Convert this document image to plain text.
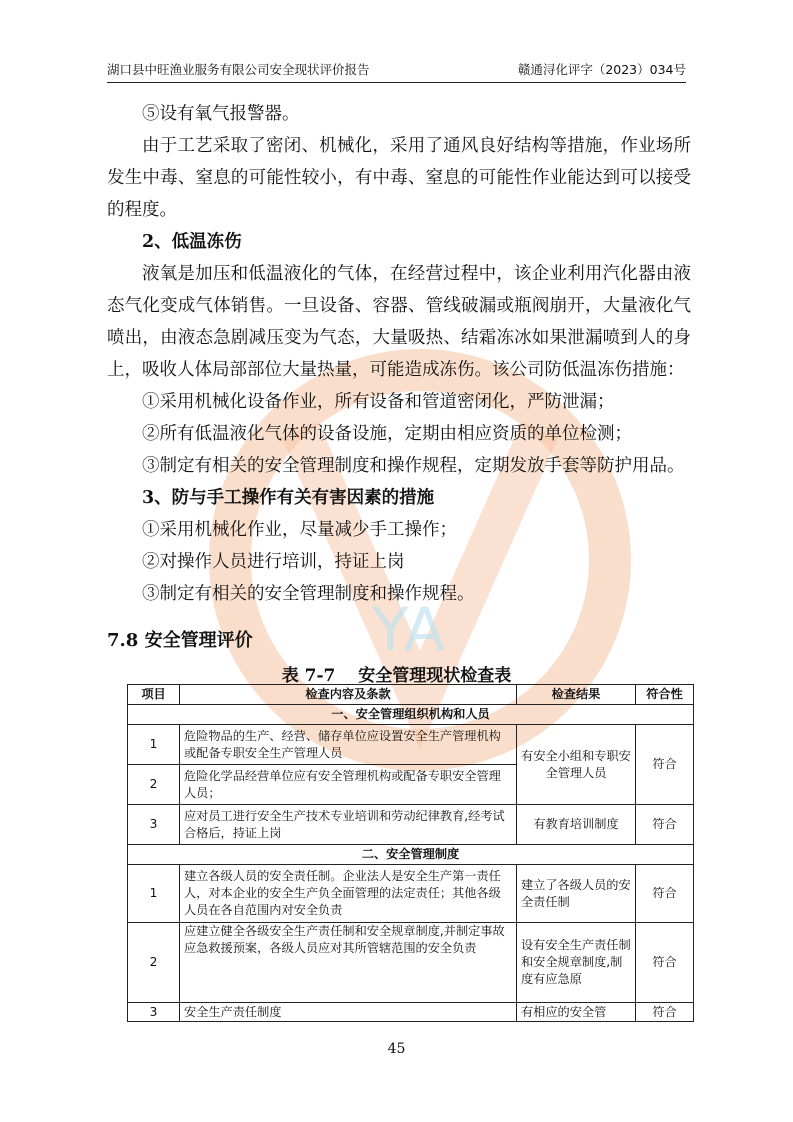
YA
湖口县中旺渔业服务有限公司安全现状评价报告	赣通浔化评字（2023）034号

⑤设有氧气报警器。

由于工艺采取了密闭、机械化，采用了通风良好结构等措施，作业场所发生中毒、窒息的可能性较小，有中毒、窒息的可能性作业能达到可以接受的程度。

2、低温冻伤

液氧是加压和低温液化的气体，在经营过程中，该企业利用汽化器由液态气化变成气体销售。一旦设备、容器、管线破漏或瓶阀崩开，大量液化气喷出，由液态急剧减压变为气态，大量吸热、结霜冻冰如果泄漏喷到人的身上，吸收人体局部部位大量热量，可能造成冻伤。该公司防低温冻伤措施：

①采用机械化设备作业，所有设备和管道密闭化，严防泄漏；

②所有低温液化气体的设备设施，定期由相应资质的单位检测；

③制定有相关的安全管理制度和操作规程，定期发放手套等防护用品。

3、防与手工操作有关有害因素的措施

①采用机械化作业，尽量减少手工操作；

②对操作人员进行培训，持证上岗

③制定有相关的安全管理制度和操作规程。

7.8 安全管理评价
表 7-7　 安全管理现状检查表
项目	检查内容及条款	检查结果	符合性
一、安全管理组织机构和人员			
1	危险物品的生产、经营、储存单位应设置安全生产管理机构或配备专职安全生产管理人员	有安全小组和专职安全管理人员	符合
2	危险化学品经营单位应有安全管理机构或配备专职安全管理人员；		
3	应对员工进行安全生产技术专业培训和劳动纪律教育,经考试合格后，持证上岗	有教育培训制度	符合
二、安全管理制度			
1	建立各级人员的安全责任制。企业法人是安全生产第一责任人，对本企业的安全生产负全面管理的法定责任；其他各级人员在各自范围内对安全负责	建立了各级人员的安全责任制	符合
2	应建立健全各级安全生产责任制和安全规章制度,并制定事故应急救援预案，各级人员应对其所管辖范围的安全负责	设有安全生产责任制和安全规章制度,制度有应急原	符合
3	安全生产责任制度	有相应的安全管	符合
45
